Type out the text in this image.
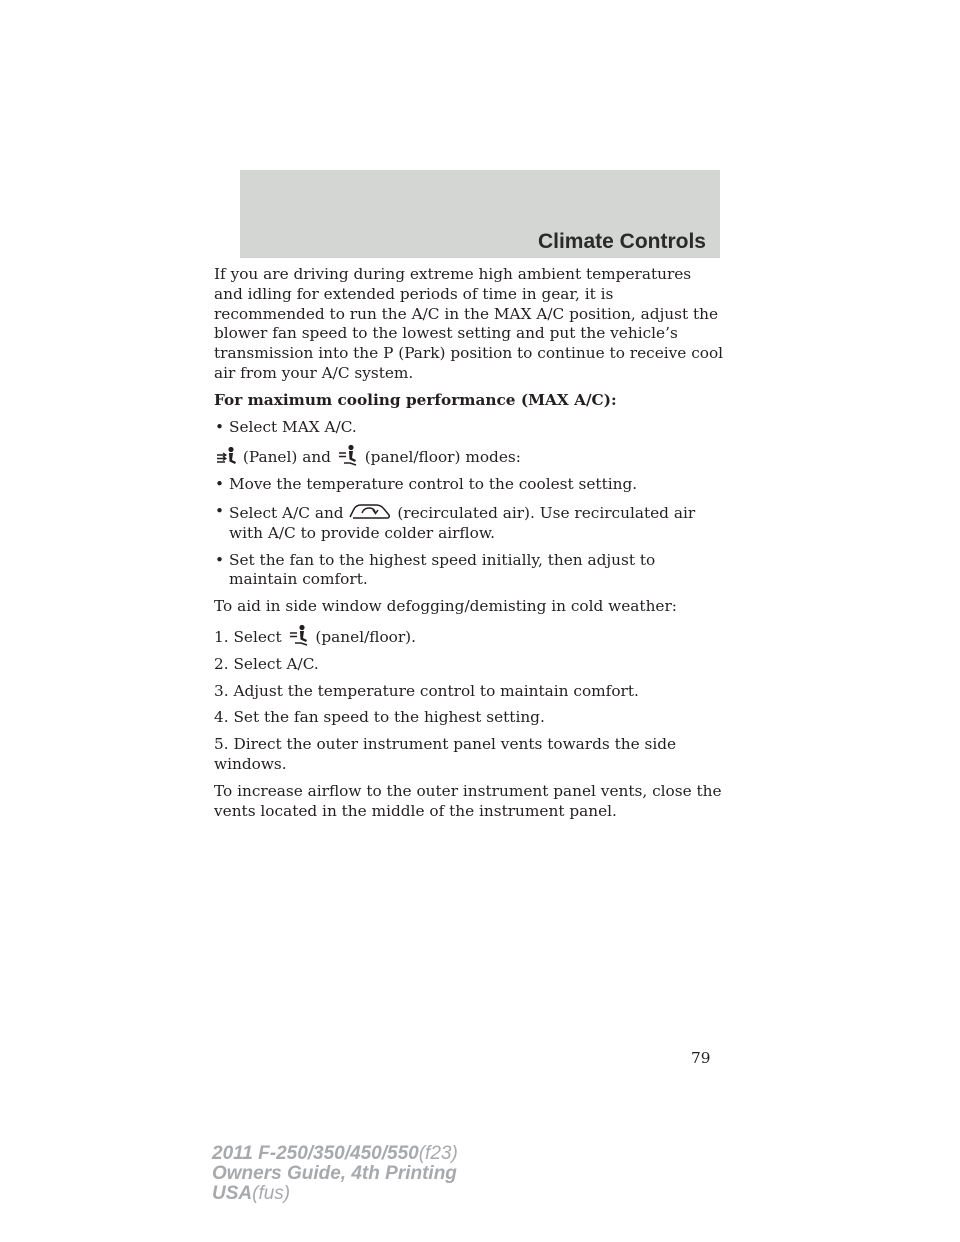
Climate Controls

If you are driving during extreme high ambient temperatures and idling for extended periods of time in gear, it is recommended to run the A/C in the MAX A/C position, adjust the blower fan speed to the lowest setting and put the vehicle’s transmission into the P (Park) position to continue to receive cool air from your A/C system.

For maximum cooling performance (MAX A/C):

• Select MAX A/C.
(Panel) and (panel/floor) modes:
• Move the temperature control to the coolest setting.
• Select A/C and	(recirculated air). Use recirculated air with A/C to provide colder airflow.
• Set the fan to the highest speed initially, then adjust to maintain comfort.

To aid in side window defogging/demisting in cold weather:

1. Select (panel/floor).

2. Select A/C.

3. Adjust the temperature control to maintain comfort.

4. Set the fan speed to the highest setting.

5. Direct the outer instrument panel vents towards the side windows.

To increase airflow to the outer instrument panel vents, close the vents located in the middle of the instrument panel.

79
2011 F-250/350/450/550(f23)
Owners Guide, 4th Printing
USA(fus)
